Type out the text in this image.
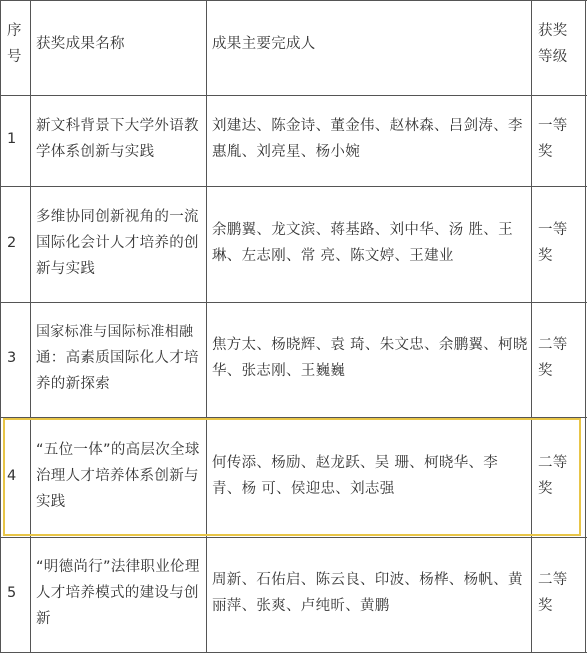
序
号
获奖成果名称	成果主要完成人
获奖
等级
1
新文科背景下大学外语教
学体系创新与实践
刘建达、陈金诗、董金伟、赵林森、吕剑涛、李
惠胤、刘亮星、杨小婉
一等
奖
2
多维协同创新视角的一流
国际化会计人才培养的创
新与实践
余鹏翼、龙文滨、蒋基路、刘中华、汤 胜、王
琳、左志刚、常 亮、陈文婷、王建业
一等
奖
3
国家标准与国际标准相融
通：高素质国际化人才培
养的新探索
焦方太、杨晓辉、袁 琦、朱文忠、余鹏翼、柯晓
华、张志刚、王巍巍
二等
奖
4
“五位一体”的高层次全球
治理人才培养体系创新与
实践
何传添、杨励、赵龙跃、吴 珊、柯晓华、李
青、杨 可、侯迎忠、刘志强
二等
奖
5
“明德尚行”法律职业伦理
人才培养模式的建设与创
新
周新、石佑启、陈云良、印波、杨桦、杨帆、黄
丽萍、张爽、卢纯昕、黄鹏
二等
奖
